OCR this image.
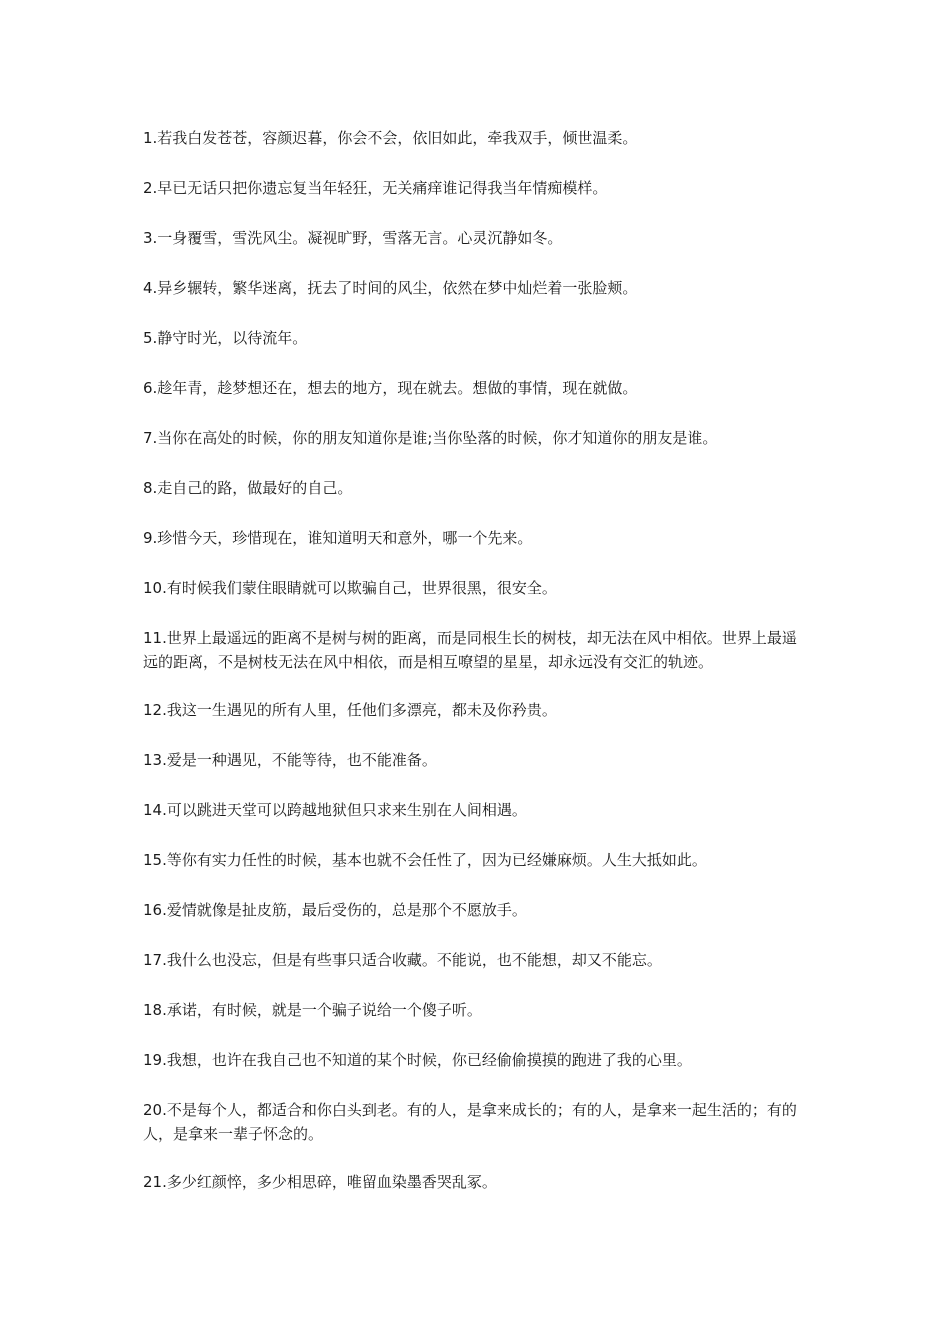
1.若我白发苍苍，容颜迟暮，你会不会，依旧如此，牵我双手，倾世温柔。
2.早已无话只把你遗忘复当年轻狂，无关痛痒谁记得我当年情痴模样。
3.一身覆雪，雪洗风尘。凝视旷野，雪落无言。心灵沉静如冬。
4.异乡辗转，繁华迷离，抚去了时间的风尘，依然在梦中灿烂着一张脸颊。
5.静守时光，以待流年。
6.趁年青，趁梦想还在，想去的地方，现在就去。想做的事情，现在就做。
7.当你在高处的时候，你的朋友知道你是谁;当你坠落的时候，你才知道你的朋友是谁。
8.走自己的路，做最好的自己。
9.珍惜今天，珍惜现在，谁知道明天和意外，哪一个先来。
10.有时候我们蒙住眼睛就可以欺骗自己，世界很黑，很安全。
11.世界上最遥远的距离不是树与树的距离，而是同根生长的树枝，却无法在风中相依。世界上最遥远的距离，不是树枝无法在风中相依，而是相互嘹望的星星，却永远没有交汇的轨迹。
12.我这一生遇见的所有人里，任他们多漂亮，都未及你矜贵。
13.爱是一种遇见，不能等待，也不能准备。
14.可以跳进天堂可以跨越地狱但只求来生别在人间相遇。
15.等你有实力任性的时候，基本也就不会任性了，因为已经嫌麻烦。人生大抵如此。
16.爱情就像是扯皮筋，最后受伤的，总是那个不愿放手。
17.我什么也没忘，但是有些事只适合收藏。不能说，也不能想，却又不能忘。
18.承诺，有时候，就是一个骗子说给一个傻子听。
19.我想，也许在我自己也不知道的某个时候，你已经偷偷摸摸的跑进了我的心里。
20.不是每个人，都适合和你白头到老。有的人，是拿来成长的；有的人，是拿来一起生活的；有的人，是拿来一辈子怀念的。
21.多少红颜悴，多少相思碎，唯留血染墨香哭乱冢。
